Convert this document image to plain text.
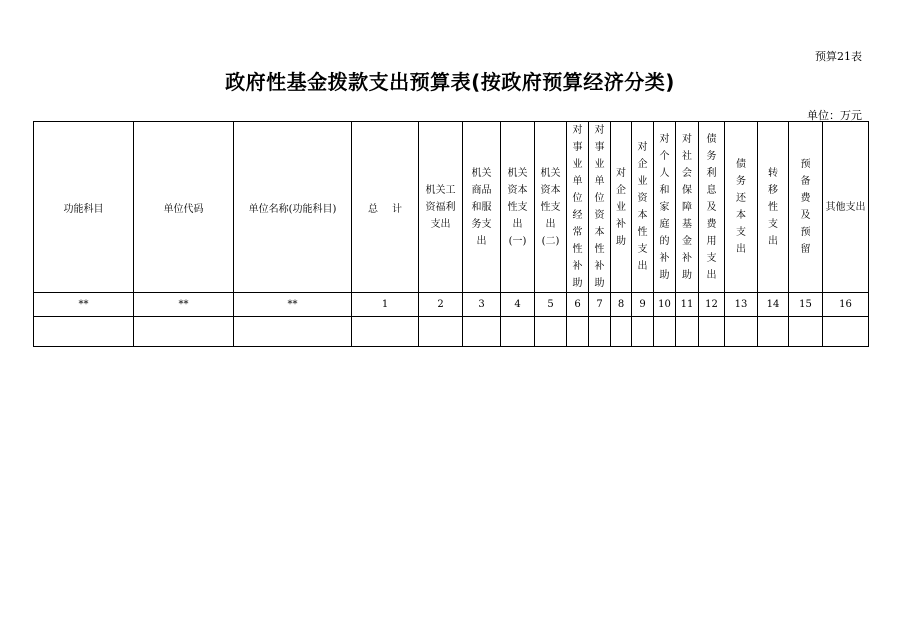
预算21表
政府性基金拨款支出预算表(按政府预算经济分类)
单位：万元
功能科目	单位代码	单位名称(功能科目)	总 计	机关工资福利支出	机关商品和服务支出	机关资本性支出(一)	机关资本性支出(二)	对事业单位经常性补助	对事业单位资本性补助	对企业补助	对企业资本性支出	对个人和家庭的补助	对社会保障基金补助	债务利息及费用支出	债务还本支出	转移性支出	预备费及预留	其他支出

**	**	**	1	2	3	4	5	6	7	8	9	10	11	12	13	14	15	16
